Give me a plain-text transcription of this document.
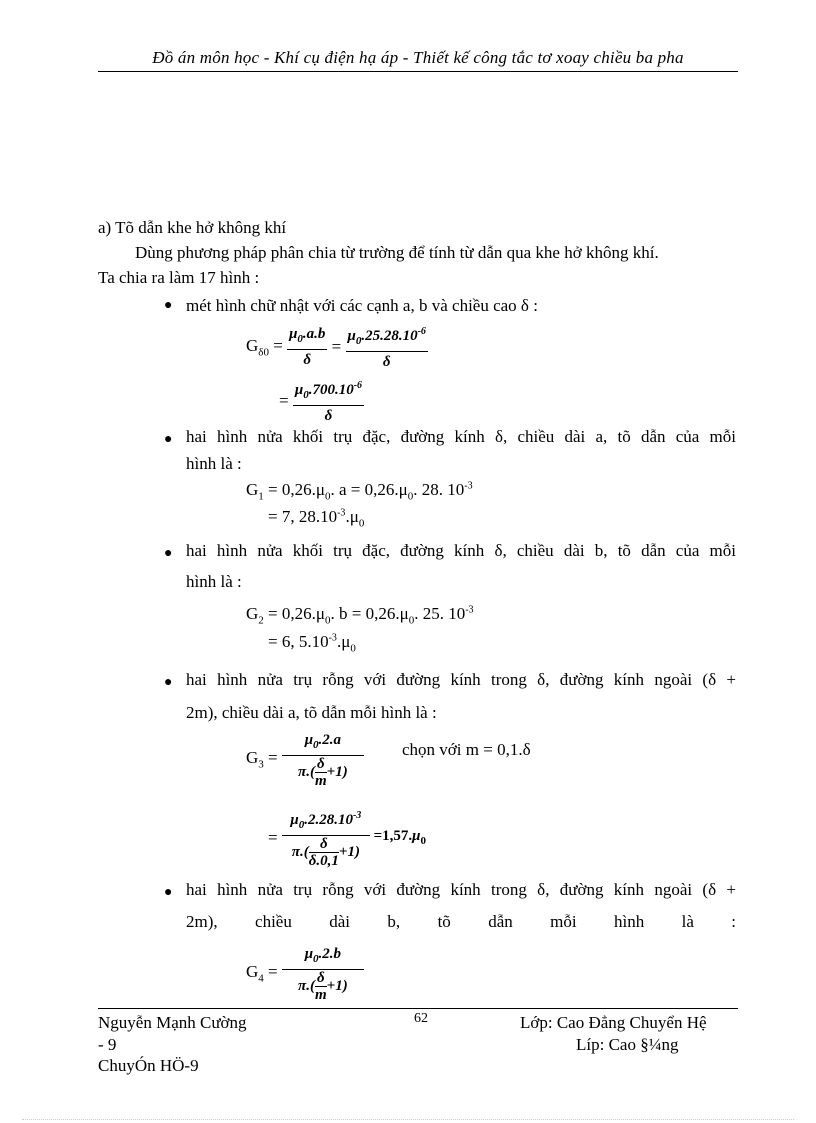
Đồ án môn học - Khí cụ điện hạ áp - Thiết kế công tắc tơ xoay chiều ba pha
a) Tõ dẫn khe hở không khí
Dùng phương pháp phân chia từ trường để tính từ dẫn qua khe hở không khí.
Ta chia ra làm 17 hình :
● mét hình chữ nhật với các cạnh a, b và chiều cao δ :
$G_{\delta 0} = \frac{\mu_0.a.b}{\delta} = \frac{\mu_0.25.28.10^{-6}}{\delta}$
=
$\frac{\mu_0.700.10^{-6}}{\delta}$
● hai hình nửa khối trụ đặc, đường kính δ, chiều dài a, tõ dẫn của mỗi
hình là :
$G_1 = 0,26.\mu_0$. $a = 0,26.\mu_0$. 28. $10^{-3}$
= 7, $28.10^{-3}.\mu_0$
● hai hình nửa khối trụ đặc, đường kính δ, chiều dài b, tõ dẫn của mỗi
hình là :
$G_2 = 0,26.\mu_0$. $b = 0,26.\mu_0$. 25. $10^{-3}$
= 6, $5.10^{-3}.\mu_0$
● hai hình nửa trụ rỗng với đường kính trong δ, đường kính ngoài (δ +
2m), chiều dài a, tõ dẫn mỗi hình là :
$G_3 = \frac{\mu_0.2.a}{\pi.( \frac{\delta}{m} +1)}$ chọn với m = 0,1.δ
=
$\frac{\mu_0.2.28.10^{-3}}{\pi.( \frac{\delta}{\delta.0,1} +1)} =1,57.\mu_0$
● hai hình nửa trụ rỗng với đường kính trong δ, đường kính ngoài (δ +
2m), chiều dài b, tõ dẫn mỗi hình là :
$G_4 = \frac{\mu_0.2.b}{\pi.( \frac{\delta}{m} +1)}$
Nguyễn Mạnh Cường
- 9
ChuyÓn HÖ-9
62	Lớp: Cao Đẳng Chuyển Hệ
Líp: Cao §¼ng
